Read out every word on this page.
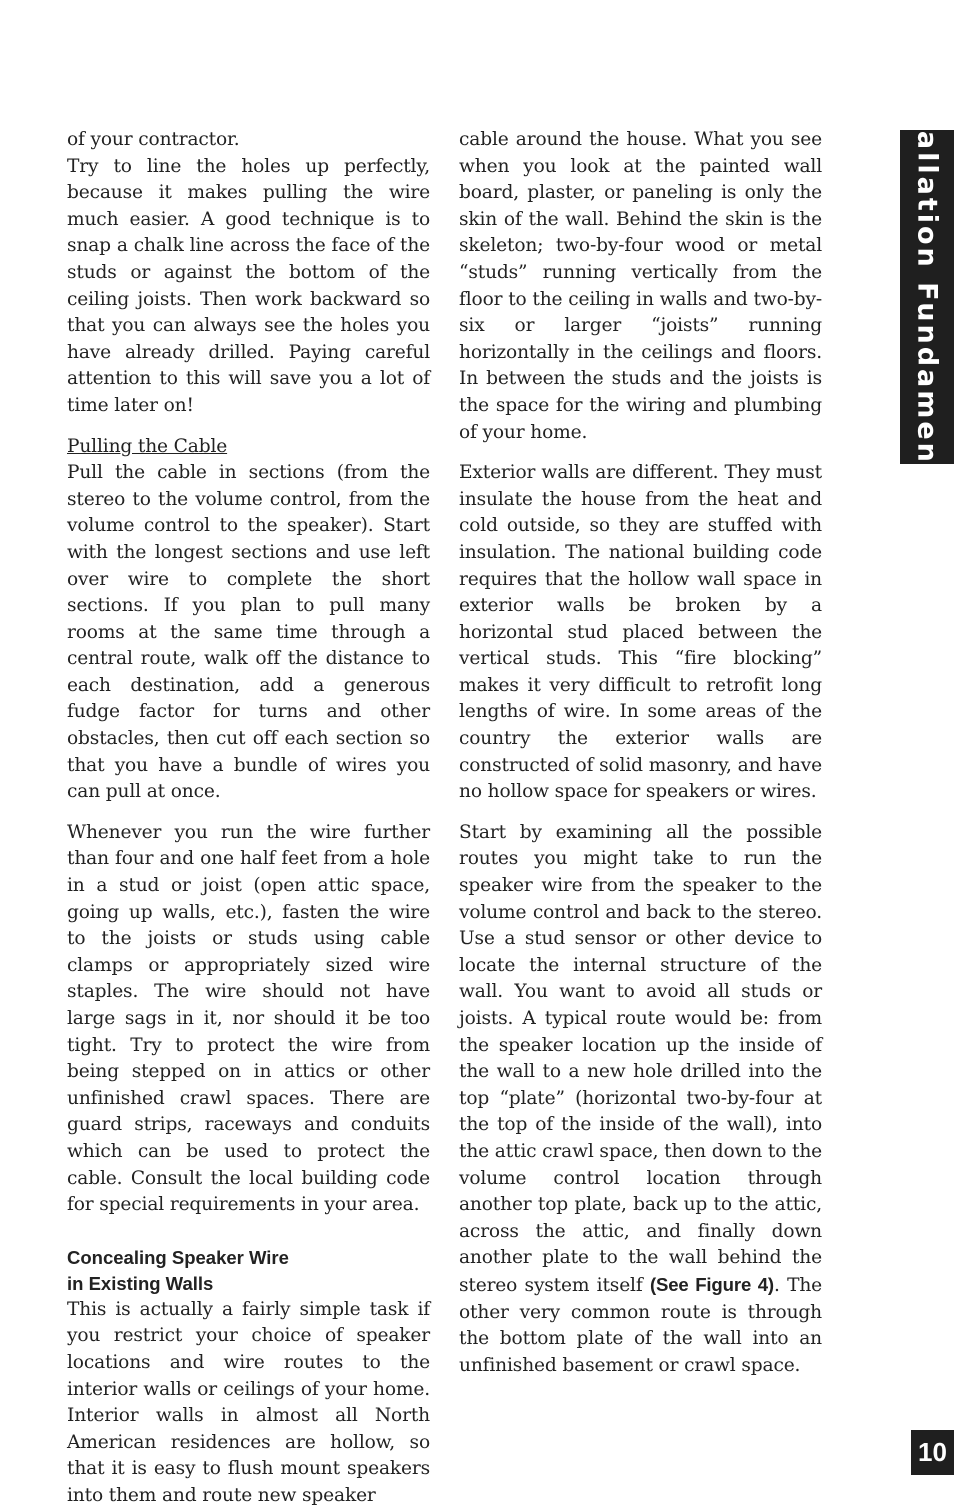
of your contractor.

Try to line the holes up perfectly, because it makes pulling the wire much easier. A good technique is to snap a chalk line across the face of the studs or against the bottom of the ceiling joists. Then work backward so that you can always see the holes you have already drilled. Paying careful attention to this will save you a lot of time later on!

Pulling the Cable

Pull the cable in sections (from the stereo to the volume control, from the volume control to the speaker). Start with the longest sections and use left over wire to complete the short sections. If you plan to pull many rooms at the same time through a central route, walk off the distance to each destination, add a generous fudge factor for turns and other obstacles, then cut off each section so that you have a bundle of wires you can pull at once.

Whenever you run the wire further than four and one half feet from a hole in a stud or joist (open attic space, going up walls, etc.), fasten the wire to the joists or studs using cable clamps or appropriately sized wire staples. The wire should not have large sags in it, nor should it be too tight. Try to protect the wire from being stepped on in attics or other unfinished crawl spaces. There are guard strips, raceways and conduits which can be used to protect the cable. Consult the local building code for special requirements in your area.

Concealing Speaker Wire
in Existing Walls

This is actually a fairly simple task if you restrict your choice of speaker locations and wire routes to the interior walls or ceilings of your home. Interior walls in almost all North American residences are hollow, so that it is easy to flush mount speakers into them and route new speaker

cable around the house. What you see when you look at the painted wall board, plaster, or paneling is only the skin of the wall. Behind the skin is the skeleton; two-by-four wood or metal “studs” running vertically from the floor to the ceiling in walls and two-by-six or larger “joists” running horizontally in the ceilings and floors. In between the studs and the joists is the space for the wiring and plumbing of your home.

Exterior walls are different. They must insulate the house from the heat and cold outside, so they are stuffed with insulation. The national building code requires that the hollow wall space in exterior walls be broken by a horizontal stud placed between the vertical studs. This “fire blocking” makes it very difficult to retrofit long lengths of wire. In some areas of the country the exterior walls are constructed of solid masonry, and have no hollow space for speakers or wires.

Start by examining all the possible routes you might take to run the speaker wire from the speaker to the volume control and back to the stereo. Use a stud sensor or other device to locate the internal structure of the wall. You want to avoid all studs or joists. A typical route would be: from the speaker location up the inside of the wall to a new hole drilled into the top “plate” (horizontal two-by-four at the top of the inside of the wall), into the attic crawl space, then down to the volume control location through another top plate, back up to the attic, across the attic, and finally down another plate to the wall behind the stereo system itself (See Figure 4). The other very common route is through the bottom plate of the wall into an unfinished basement or crawl space.

Installation Fundamentals
10
